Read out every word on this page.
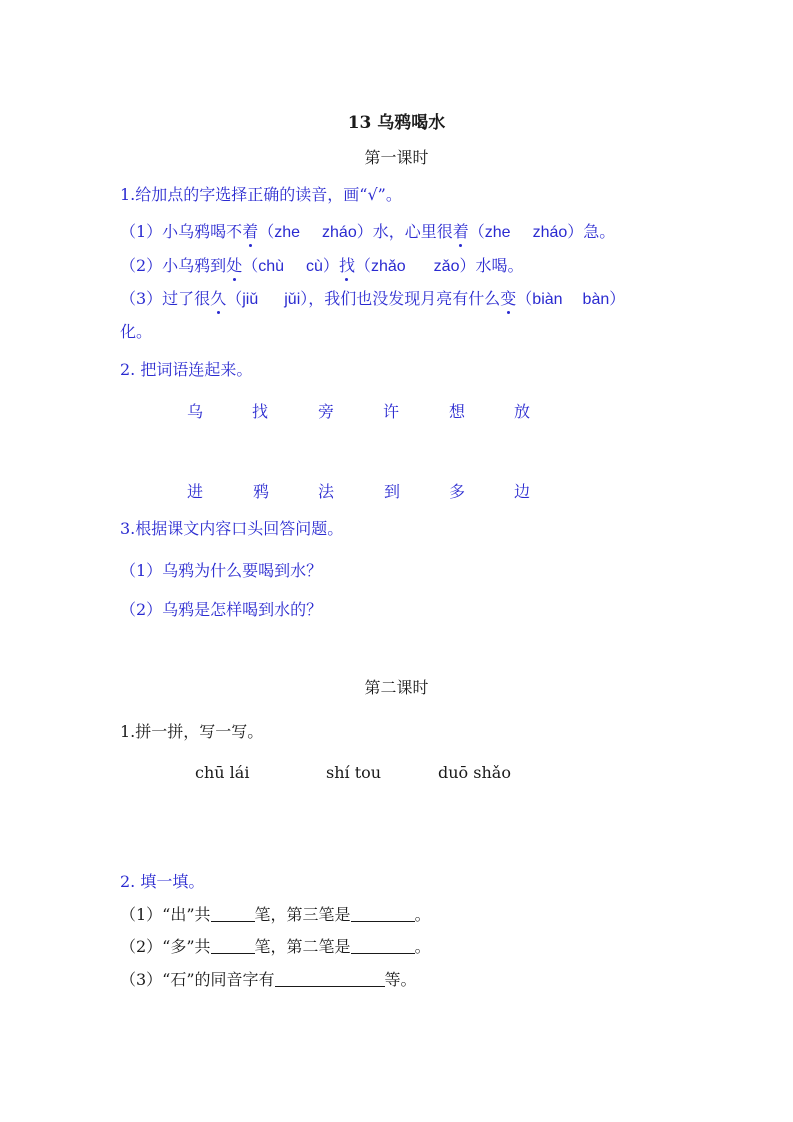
13 乌鸦喝水
第一课时
1.给加点的字选择正确的读音，画“√”。
（1）小乌鸦喝不着（zhe zháo）水，心里很着（zhe zháo）急。
（2）小乌鸦到处（chù cù）找（zhǎo zǎo）水喝。
（3）过了很久（jiǔ jǔi），我们也没发现月亮有什么变（biàn bàn）
化。
2. 把词语连起来。
乌	找	旁	许	想	放
进	鸦	法	到	多	边
3.根据课文内容口头回答问题。
（1）乌鸦为什么要喝到水？
（2）乌鸦是怎样喝到水的？
第二课时
1.拼一拼，写一写。
chū lái	shí tou	duō shǎo
2. 填一填。
（1）“出”共	笔，第三笔是	。
（2）“多”共	笔，第二笔是	。
（3）“石”的同音字有	等。
